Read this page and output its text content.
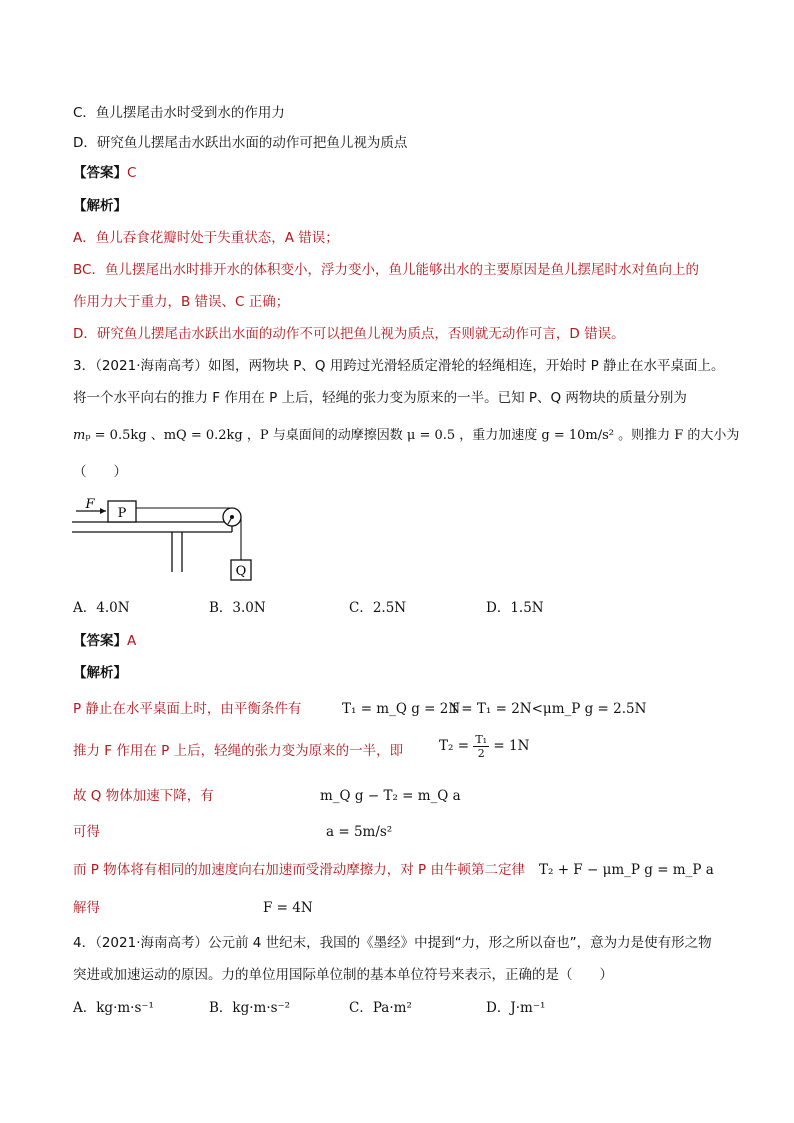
C．鱼儿摆尾击水时受到水的作用力
D．研究鱼儿摆尾击水跃出水面的动作可把鱼儿视为质点
【答案】C
【解析】
A．鱼儿吞食花瓣时处于失重状态，A 错误；
BC．鱼儿摆尾出水时排开水的体积变小，浮力变小，鱼儿能够出水的主要原因是鱼儿摆尾时水对鱼向上的
作用力大于重力，B 错误、C 正确；
D．研究鱼儿摆尾击水跃出水面的动作不可以把鱼儿视为质点，否则就无动作可言，D 错误。
3．（2021·海南高考）如图，两物块 P、Q 用跨过光滑轻质定滑轮的轻绳相连，开始时 P 静止在水平桌面上。
将一个水平向右的推力 F 作用在 P 上后，轻绳的张力变为原来的一半。已知 P、Q 两物块的质量分别为
mₚ = 0.5kg 、mQ = 0.2kg ，P 与桌面间的动摩擦因数 μ = 0.5 ，重力加速度 g = 10m/s² 。则推力 F 的大小为
（　　）
P
F
Q
A．4.0N	B．3.0N	C．2.5N	D．1.5N
【答案】A
【解析】
P 静止在水平桌面上时，由平衡条件有	T₁ = m_Q g = 2N
f = T₁ = 2N<μm_P g = 2.5N
推力 F 作用在 P 上后，轻绳的张力变为原来的一半，即	$T_2 = \frac{\text{T₁}}{2} = 1N$
故 Q 物体加速下降，有	m_Q g − T₂ = m_Q a
可得	a = 5m/s²
而 P 物体将有相同的加速度向右加速而受滑动摩擦力，对 P 由牛顿第二定律 T₂ + F − μm_P g = m_P a
解得	F = 4N
4．（2021·海南高考）公元前 4 世纪末，我国的《墨经》中提到“力，形之所以奋也”，意为力是使有形之物
突进或加速运动的原因。力的单位用国际单位制的基本单位符号来表示，正确的是（　　）
A．kg·m·s⁻¹	B．kg·m·s⁻²	C．Pa·m²	D．J·m⁻¹
